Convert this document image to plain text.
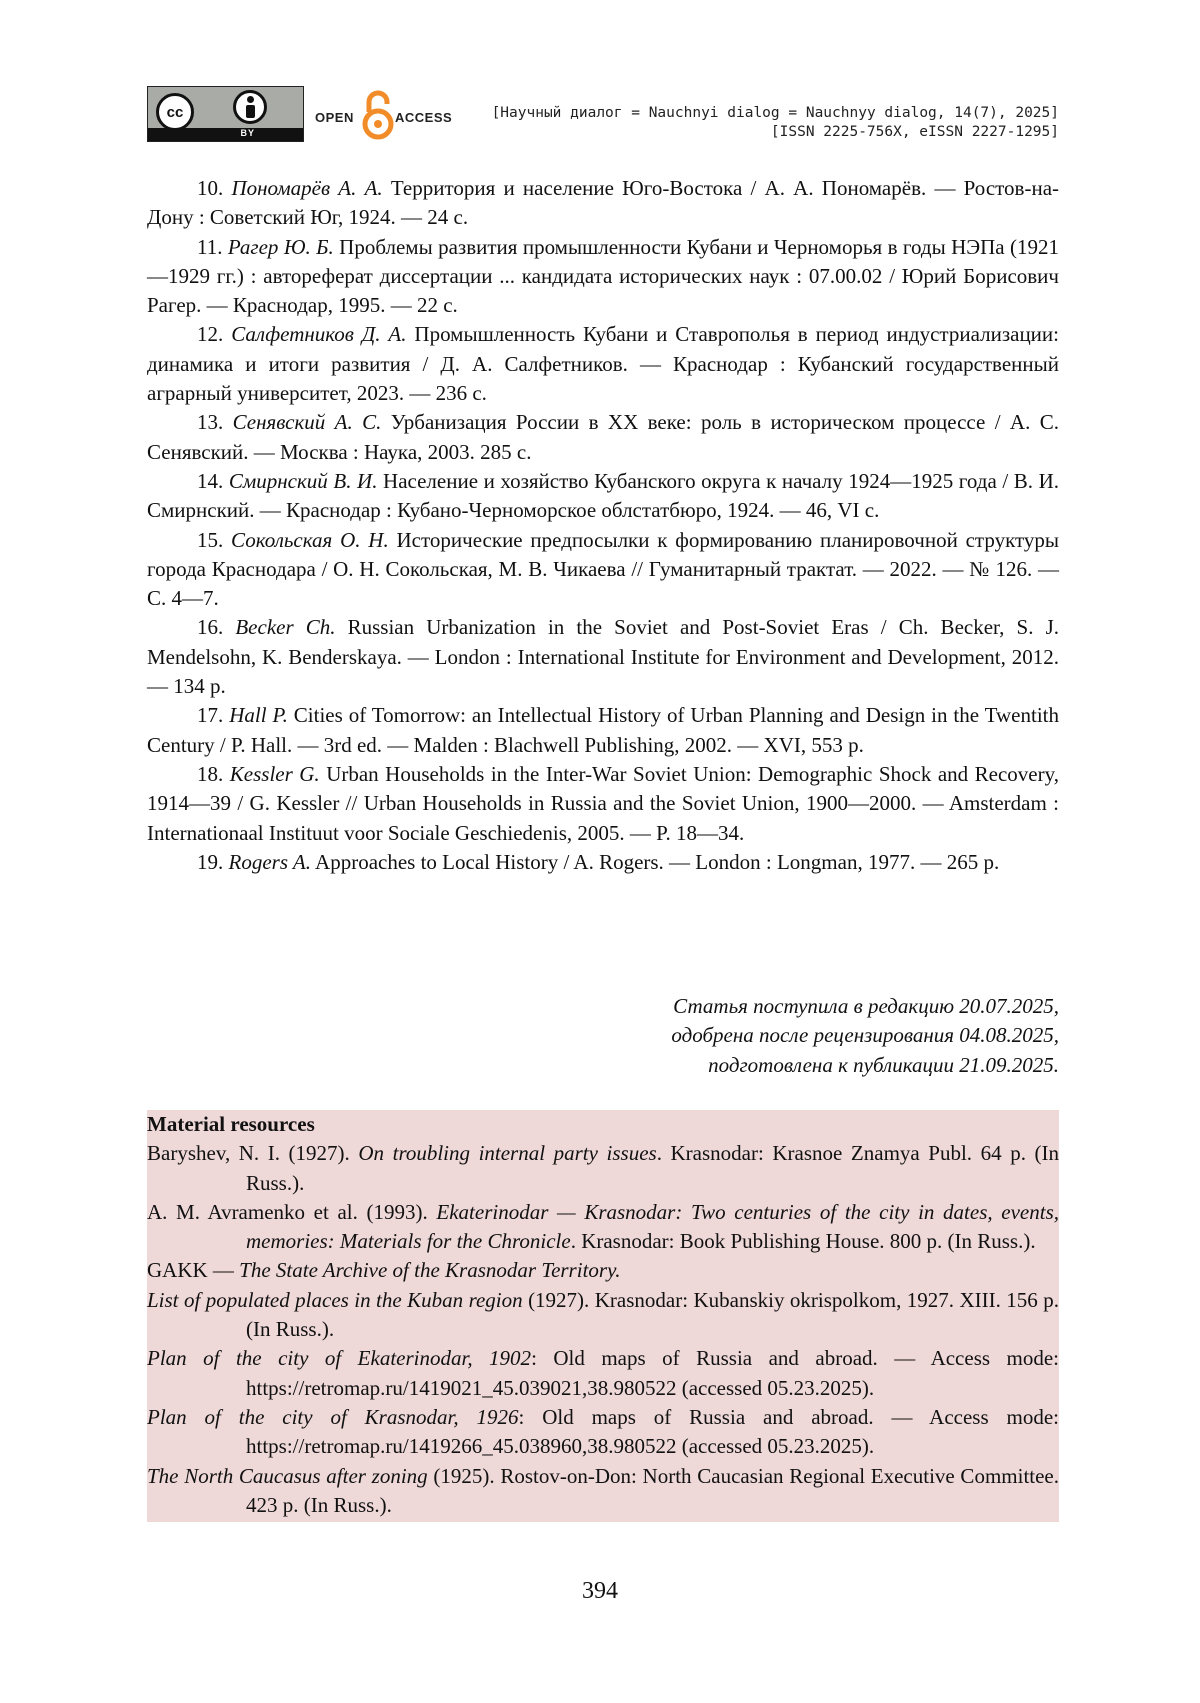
cc
BY
OPEN	ACCESS	[Научный диалог = Nauchnyi dialog = Nauchnyy dialog, 14(7), 2025]
[ISSN 2225-756X, eISSN 2227-1295]

10. Пономарёв А. А. Территория и население Юго-Востока / А. А. Пономарёв. — Ростов-на-Дону : Советский Юг, 1924. — 24 с.

11. Рагер Ю. Б. Проблемы развития промышленности Кубани и Черноморья в годы НЭПа (1921—1929 гг.) : автореферат диссертации ... кандидата исторических наук : 07.00.02 / Юрий Борисович Рагер. — Краснодар, 1995. — 22 с.

12. Салфетников Д. А. Промышленность Кубани и Ставрополья в период индустриализации: динамика и итоги развития / Д. А. Салфетников. — Краснодар : Кубанский государственный аграрный университет, 2023. — 236 с.

13. Сенявский А. С. Урбанизация России в XX веке: роль в историческом процессе / А. С. Сенявский. — Москва : Наука, 2003. 285 с.

14. Смирнский В. И. Население и хозяйство Кубанского округа к началу 1924—1925 года / В. И. Смирнский. — Краснодар : Кубано-Черноморское облстатбюро, 1924. — 46, VI с.

15. Сокольская О. Н. Исторические предпосылки к формированию планировочной структуры города Краснодара / О. Н. Сокольская, М. В. Чикаева // Гуманитарный трактат. — 2022. — № 126. — С. 4—7.

16. Becker Ch. Russian Urbanization in the Soviet and Post-Soviet Eras / Ch. Becker, S. J. Mendelsohn, K. Benderskaya. — London : International Institute for Environment and Development, 2012. — 134 p.

17. Hall P. Cities of Tomorrow: an Intellectual History of Urban Planning and Design in the Twentith Century / P. Hall. — 3rd ed. — Malden : Blachwell Publishing, 2002. — XVI, 553 p.

18. Kessler G. Urban Households in the Inter-War Soviet Union: Demographic Shock and Recovery, 1914—39 / G. Kessler // Urban Households in Russia and the Soviet Union, 1900—2000. — Amsterdam : Internationaal Instituut voor Sociale Geschiedenis, 2005. — P. 18—34.

19. Rogers A. Approaches to Local History / A. Rogers. — London : Longman, 1977. — 265 p.

Статья поступила в редакцию 20.07.2025,
одобрена после рецензирования 04.08.2025,
подготовлена к публикации 21.09.2025.
Material resources

Baryshev, N. I. (1927). On troubling internal party issues. Krasnodar: Krasnoe Znamya Publ. 64 p. (In Russ.).

A. M. Avramenko et al. (1993). Ekaterinodar — Krasnodar: Two centuries of the city in dates, events, memories: Materials for the Chronicle. Krasnodar: Book Publishing House. 800 p. (In Russ.).

GAKK — The State Archive of the Krasnodar Territory.

List of populated places in the Kuban region (1927). Krasnodar: Kubanskiy okrispolkom, 1927. XIII. 156 p. (In Russ.).

Plan of the city of Ekaterinodar, 1902: Old maps of Russia and abroad. — Access mode: https://retromap.ru/1419021_45.039021,38.980522 (accessed 05.23.2025).

Plan of the city of Krasnodar, 1926: Old maps of Russia and abroad. — Access mode: https://retromap.ru/1419266_45.038960,38.980522 (accessed 05.23.2025).

The North Caucasus after zoning (1925). Rostov-on-Don: North Caucasian Regional Executive Committee. 423 p. (In Russ.).

394
